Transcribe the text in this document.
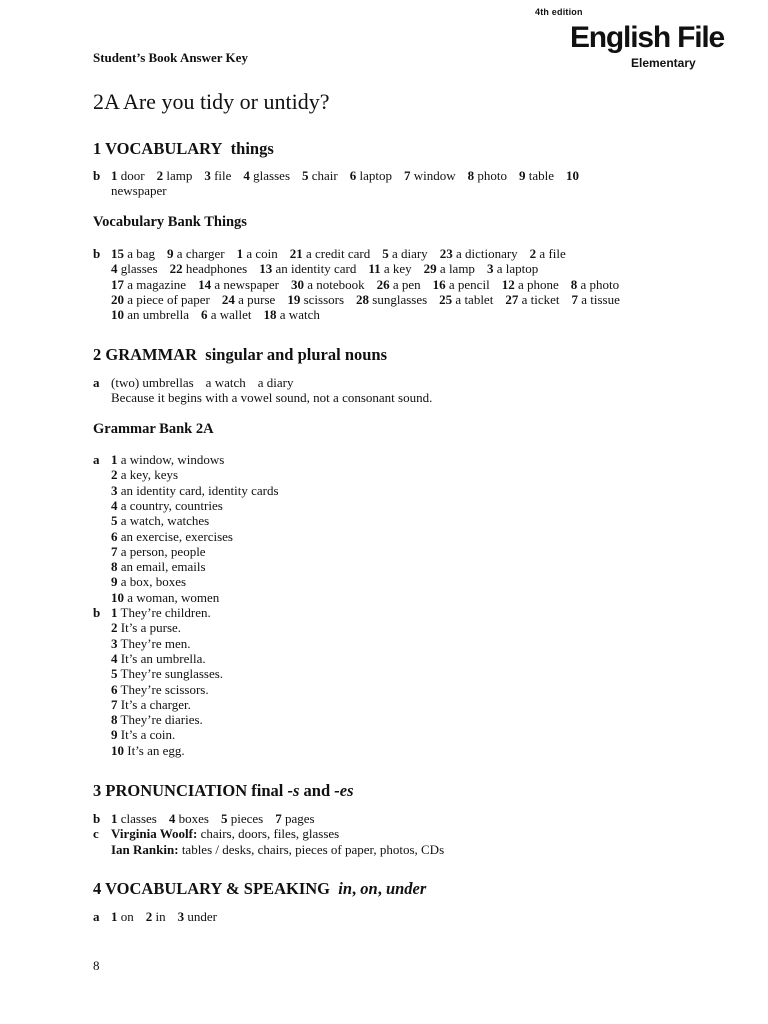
4th edition
English File
Elementary
Student’s Book Answer Key
2A Are you tidy or untidy?
1 VOCABULARY things
b 1 door 2 lamp 3 file 4 glasses 5 chair 6 laptop 7 window 8 photo 9 table 10 newspaper
Vocabulary Bank Things
b 15 a bag 9 a charger 1 a coin 21 a credit card 5 a diary 23 a dictionary 2 a file
4 glasses 22 headphones 13 an identity card 11 a key 29 a lamp 3 a laptop
17 a magazine 14 a newspaper 30 a notebook 26 a pen 16 a pencil 12 a phone 8 a photo
20 a piece of paper 24 a purse 19 scissors 28 sunglasses 25 a tablet 27 a ticket 7 a tissue
10 an umbrella 6 a wallet 18 a watch
2 GRAMMAR singular and plural nouns
a (two) umbrellas a watch a diary
Because it begins with a vowel sound, not a consonant sound.
Grammar Bank 2A
a 1 a window, windows
2 a key, keys
3 an identity card, identity cards
4 a country, countries
5 a watch, watches
6 an exercise, exercises
7 a person, people
8 an email, emails
9 a box, boxes
10 a woman, women
b 1 They’re children.
2 It’s a purse.
3 They’re men.
4 It’s an umbrella.
5 They’re sunglasses.
6 They’re scissors.
7 It’s a charger.
8 They’re diaries.
9 It’s a coin.
10 It’s an egg.
3 PRONUNCIATION final -s and -es
b 1 classes 4 boxes 5 pieces 7 pages
c Virginia Woolf: chairs, doors, files, glasses
Ian Rankin: tables / desks, chairs, pieces of paper, photos, CDs
4 VOCABULARY & SPEAKING in, on, under
a 1 on 2 in 3 under
8
